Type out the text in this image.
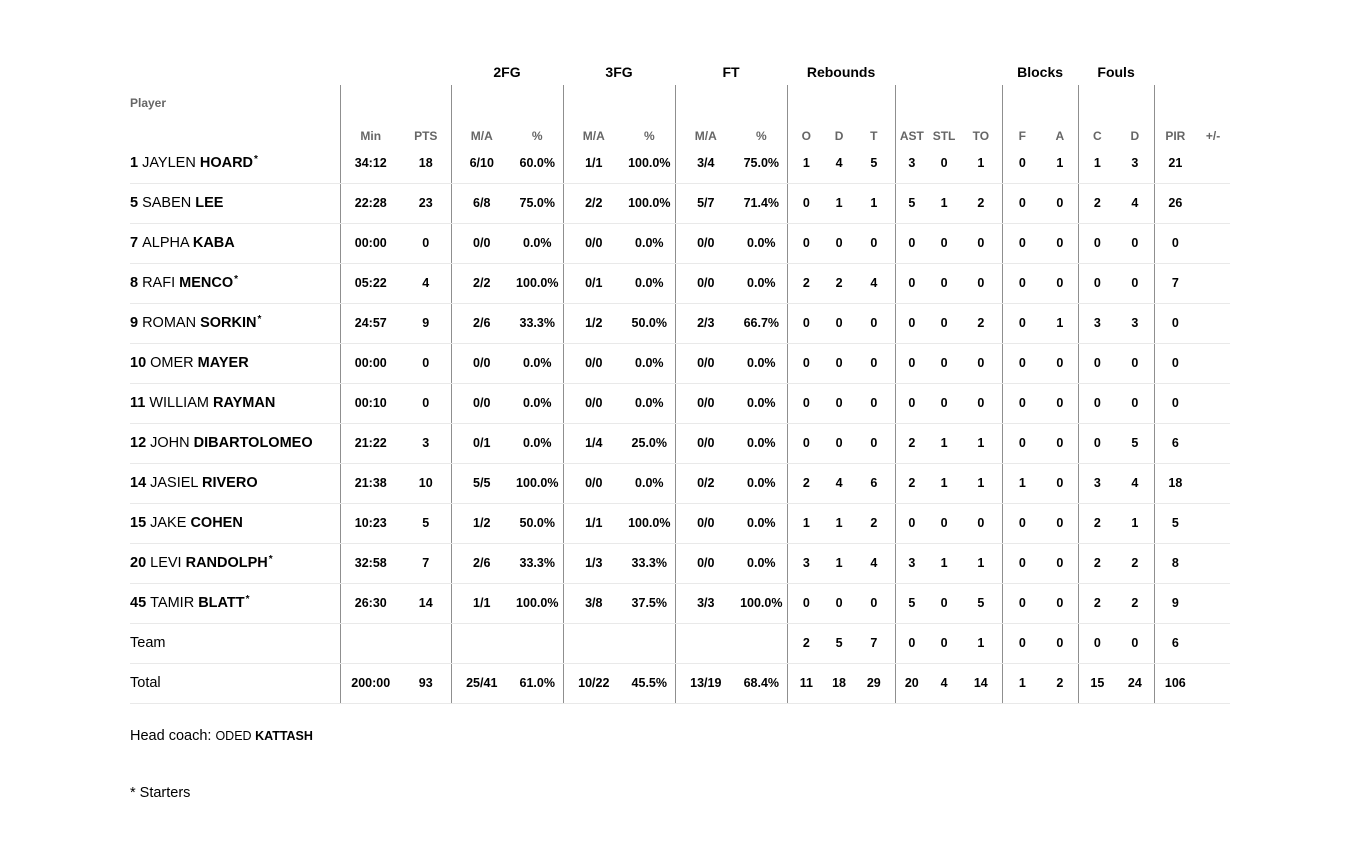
			2FG		3FG		FT		Rebounds						Blocks		Fouls			
Player	Min	PTS	M/A	%	M/A	%	M/A	%	O	D	T	AST	STL	TO	F	A	C	D	PIR	+/-
1 JAYLEN HOARD*	34:12	18	6/10	60.0%	1/1	100.0%	3/4	75.0%	1	4	5	3	0	1	0	1	1	3	21	
5 SABEN LEE	22:28	23	6/8	75.0%	2/2	100.0%	5/7	71.4%	0	1	1	5	1	2	0	0	2	4	26	
7 ALPHA KABA	00:00	0	0/0	0.0%	0/0	0.0%	0/0	0.0%	0	0	0	0	0	0	0	0	0	0	0	
8 RAFI MENCO*	05:22	4	2/2	100.0%	0/1	0.0%	0/0	0.0%	2	2	4	0	0	0	0	0	0	0	7	
9 ROMAN SORKIN*	24:57	9	2/6	33.3%	1/2	50.0%	2/3	66.7%	0	0	0	0	0	2	0	1	3	3	0	
10 OMER MAYER	00:00	0	0/0	0.0%	0/0	0.0%	0/0	0.0%	0	0	0	0	0	0	0	0	0	0	0	
11 WILLIAM RAYMAN	00:10	0	0/0	0.0%	0/0	0.0%	0/0	0.0%	0	0	0	0	0	0	0	0	0	0	0	
12 JOHN DIBARTOLOMEO	21:22	3	0/1	0.0%	1/4	25.0%	0/0	0.0%	0	0	0	2	1	1	0	0	0	5	6	
14 JASIEL RIVERO	21:38	10	5/5	100.0%	0/0	0.0%	0/2	0.0%	2	4	6	2	1	1	1	0	3	4	18	
15 JAKE COHEN	10:23	5	1/2	50.0%	1/1	100.0%	0/0	0.0%	1	1	2	0	0	0	0	0	2	1	5	
20 LEVI RANDOLPH*	32:58	7	2/6	33.3%	1/3	33.3%	0/0	0.0%	3	1	4	3	1	1	0	0	2	2	8	
45 TAMIR BLATT*	26:30	14	1/1	100.0%	3/8	37.5%	3/3	100.0%	0	0	0	5	0	5	0	0	2	2	9	
Team									2	5	7	0	0	1	0	0	0	0	6	
Total	200:00	93	25/41	61.0%	10/22	45.5%	13/19	68.4%	11	18	29	20	4	14	1	2	15	24	106	
Head coach: ODED KATTASH
* Starters
